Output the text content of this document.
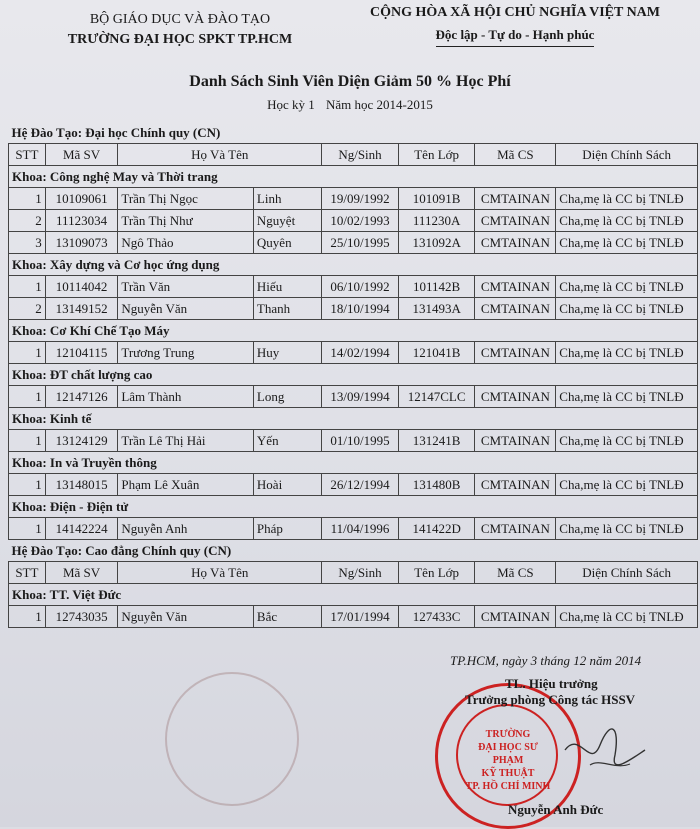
BỘ GIÁO DỤC VÀ ĐÀO TẠO
TRƯỜNG ĐẠI HỌC SPKT TP.HCM
CỘNG HÒA XÃ HỘI CHỦ NGHĨA VIỆT NAM
Độc lập - Tự do - Hạnh phúc
Danh Sách Sinh Viên Diện Giảm 50 % Học Phí
Học kỳ 1 Năm học 2014-2015
Hệ Đào Tạo: Đại học Chính quy (CN)							
STT	Mã SV	Họ Và Tên		Ng/Sinh	Tên Lớp	Mã CS	Diện Chính Sách
Khoa: Công nghệ May và Thời trang							
1	10109061	Trần Thị Ngọc	Linh	19/09/1992	101091B	CMTAINAN	Cha,mẹ là CC bị TNLĐ
2	11123034	Trần Thị Như	Nguyệt	10/02/1993	111230A	CMTAINAN	Cha,mẹ là CC bị TNLĐ
3	13109073	Ngô Thảo	Quyên	25/10/1995	131092A	CMTAINAN	Cha,mẹ là CC bị TNLĐ
Khoa: Xây dựng và Cơ học ứng dụng							
1	10114042	Trần Văn	Hiếu	06/10/1992	101142B	CMTAINAN	Cha,mẹ là CC bị TNLĐ
2	13149152	Nguyễn Văn	Thanh	18/10/1994	131493A	CMTAINAN	Cha,mẹ là CC bị TNLĐ
Khoa: Cơ Khí Chế Tạo Máy							
1	12104115	Trương Trung	Huy	14/02/1994	121041B	CMTAINAN	Cha,mẹ là CC bị TNLĐ
Khoa: ĐT chất lượng cao							
1	12147126	Lâm Thành	Long	13/09/1994	12147CLC	CMTAINAN	Cha,mẹ là CC bị TNLĐ
Khoa: Kinh tế							
1	13124129	Trần Lê Thị Hải	Yến	01/10/1995	131241B	CMTAINAN	Cha,mẹ là CC bị TNLĐ
Khoa: In và Truyền thông							
1	13148015	Phạm Lê Xuân	Hoài	26/12/1994	131480B	CMTAINAN	Cha,mẹ là CC bị TNLĐ
Khoa: Điện - Điện tử							
1	14142224	Nguyễn Anh	Pháp	11/04/1996	141422D	CMTAINAN	Cha,mẹ là CC bị TNLĐ
Hệ Đào Tạo: Cao đẳng Chính quy (CN)							
STT	Mã SV	Họ Và Tên		Ng/Sinh	Tên Lớp	Mã CS	Diện Chính Sách
Khoa: TT. Việt Đức							
1	12743035	Nguyễn Văn	Bắc	17/01/1994	127433C	CMTAINAN	Cha,mẹ là CC bị TNLĐ
TRƯỜNG
ĐẠI HỌC SƯ PHẠM
KỸ THUẬT
TP. HỒ CHÍ MINH
TP.HCM, ngày 3 tháng 12 năm 2014
TL. Hiệu trưởng
Trưởng phòng Công tác HSSV
Nguyễn Anh Đức
